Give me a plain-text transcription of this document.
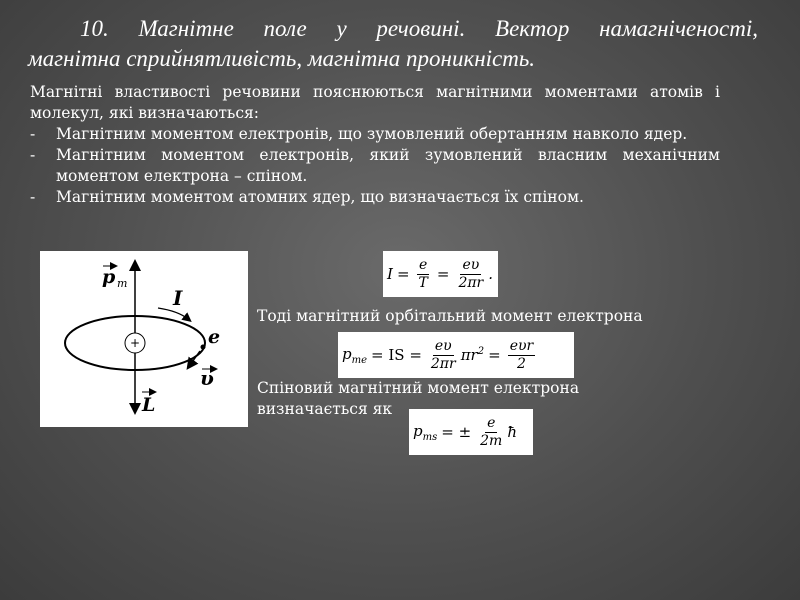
10. Магнітне поле у речовині. Вектор намагніченості,
магнітна сприйнятливість, магнітна проникність.

Магнітні властивості речовини пояснюються магнітними моментами атомів і молекул, які визначаються:

- Магнітним моментом електронів, що зумовлений обертанням навколо ядер.
- Магнітним моментом електронів, який зумовлений власним механічним моментом електрона – спіном.
- Магнітним моментом атомних ядер, що визначається їх спіном.
+
p m
I
e
υ
L
$I = \frac{e}{T} = \frac{e\upsilon}{2\pi r}$ .
Тоді магнітний орбітальний момент електрона
$p_{me}$ = IS = $\frac{e\upsilon}{2\pi r} \pi r^2 = \frac{\text{eυr}}{2}$
Спіновий магнітний момент електрона
визначається як
$p_{ms}$ = ± $\frac{e}{2m}$ ħ
